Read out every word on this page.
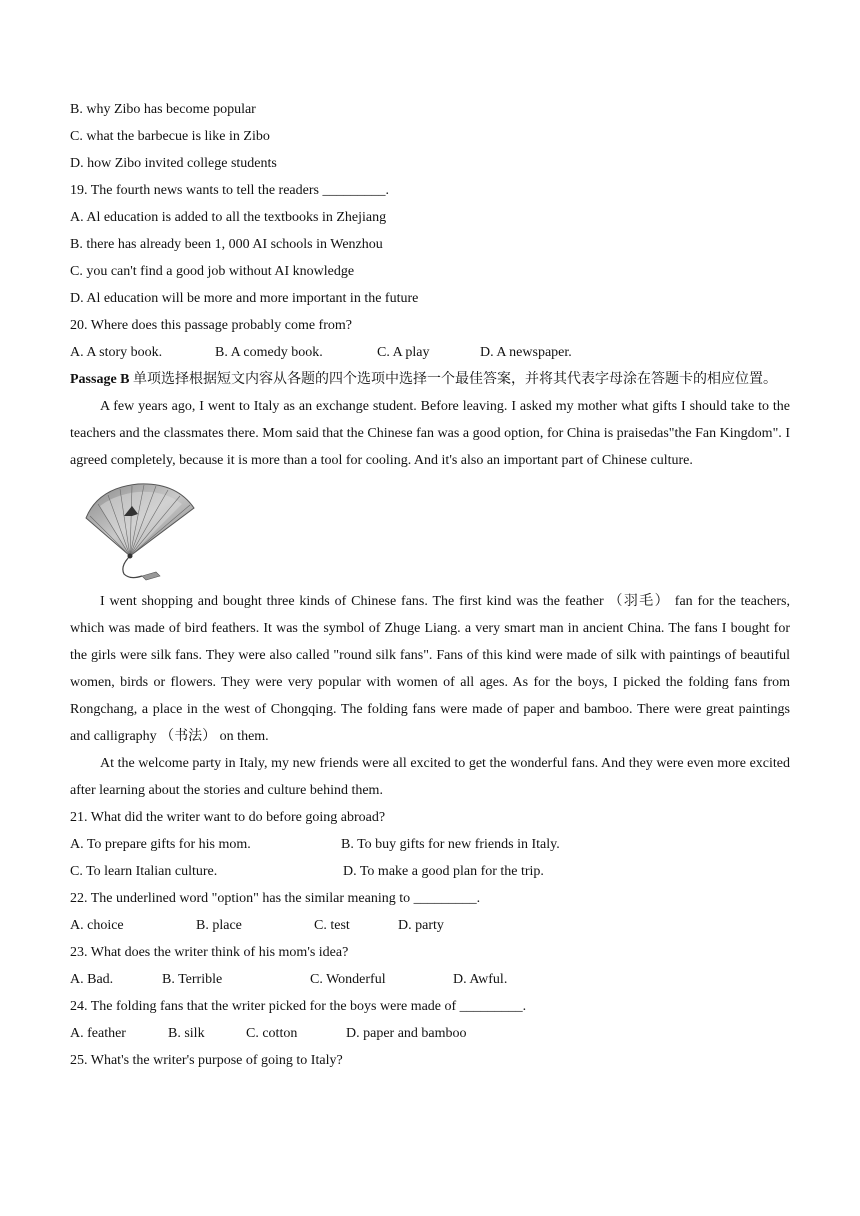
B. why Zibo has become popular
C. what the barbecue is like in Zibo
D. how Zibo invited college students
19. The fourth news wants to tell the readers _________.
A. Al education is added to all the textbooks in Zhejiang
B. there has already been 1, 000 AI schools in Wenzhou
C. you can't find a good job without AI knowledge
D. Al education will be more and more important in the future
20. Where does this passage probably come from?
A. A story book.	B. A comedy book.	C. A play	D. A newspaper.
Passage B 单项选择根据短文内容从各题的四个选项中选择一个最佳答案，并将其代表字母涂在答题卡的相应位置。
A few years ago, I went to Italy as an exchange student. Before leaving. I asked my mother what gifts I should take to the teachers and the classmates there. Mom said that the Chinese fan was a good option, for China is praisedas"the Fan Kingdom". I agreed completely, because it is more than a tool for cooling. And it's also an important part of Chinese culture.
I went shopping and bought three kinds of Chinese fans. The first kind was the feather （羽毛） fan for the teachers, which was made of bird feathers. It was the symbol of Zhuge Liang. a very smart man in ancient China. The fans I bought for the girls were silk fans. They were also called "round silk fans". Fans of this kind were made of silk with paintings of beautiful women, birds or flowers. They were very popular with women of all ages. As for the boys, I picked the folding fans from Rongchang, a place in the west of Chongqing. The folding fans were made of paper and bamboo. There were great paintings and calligraphy （书法） on them.
At the welcome party in Italy, my new friends were all excited to get the wonderful fans. And they were even more excited after learning about the stories and culture behind them.
21. What did the writer want to do before going abroad?
A. To prepare gifts for his mom.	B. To buy gifts for new friends in Italy.
C. To learn Italian culture.	D. To make a good plan for the trip.
22. The underlined word "option" has the similar meaning to _________.
A. choice	B. place	C. test	D. party
23. What does the writer think of his mom's idea?
A. Bad.	B. Terrible	C. Wonderful	D. Awful.
24. The folding fans that the writer picked for the boys were made of _________.
A. feather	B. silk	C. cotton	D. paper and bamboo
25. What's the writer's purpose of going to Italy?
